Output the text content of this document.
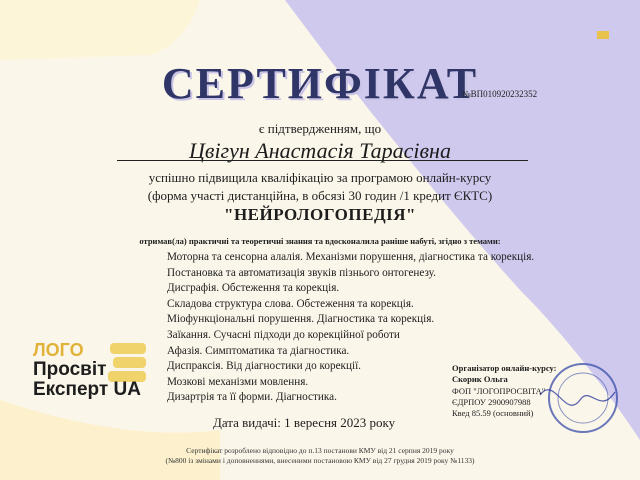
СЕРТИФІКАТ
№ВП010920232352
є підтвердженням, що
Цвігун Анастасія Тарасівна
успішно підвищила кваліфікацію за програмою онлайн-курсу
(форма участі дистанційна, в обсязі 30 годин /1 кредит ЄКТС)
"НЕЙРОЛОГОПЕДІЯ"
отримав(ла) практичні та теоретичні знання та вдосконалила раніше набуті, згідно з темами:
Моторна та сенсорна алалія. Механізми порушення, діагностика та корекція.
Постановка та автоматизація звуків пізнього онтогенезу.
Дисграфія. Обстеження та корекція.
Складова структура слова. Обстеження та корекція.
Міофункціональні порушення. Діагностика та корекція.
Заїкання. Сучасні підходи до корекційної роботи
Афазія. Симптоматика та діагностика.
Диспраксія. Від діагностики до корекції.
Мозкові механізми мовлення.
Дизартрія та її форми. Діагностика.
Дата видачі: 1 вересня 2023 року
Організатор онлайн-курсу:
Скорик Ольга
ФОП "ЛОГОПРОСВІТА"
ЄДРПОУ 2900907988
Квед 85.59 (основний)
ЛОГО
Просвіт
Експерт UA
Сертифікат розроблено відповідно до п.13 постанови КМУ від 21 серпня 2019 року
(№800 із змінами і доповненнями, внесеними постановою КМУ від 27 грудня 2019 року №1133)
